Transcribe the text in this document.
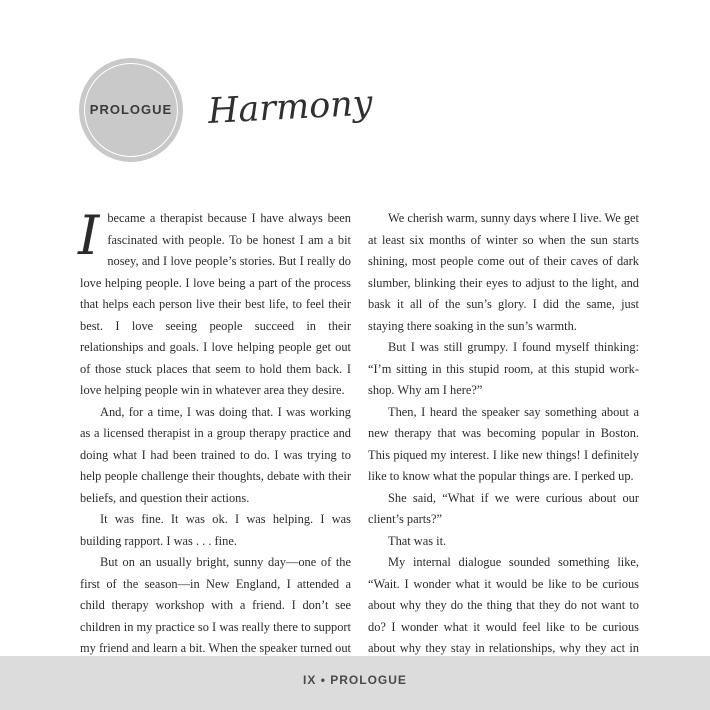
PROLOGUE Harmony

Ibecame a therapist because I have always been fascinated with people. To be honest I am a bit nosey, and I love people’s stories. But I really do love helping people. I love being a part of the process that helps each person live their best life, to feel their best. I love seeing people succeed in their relationships and goals. I love helping people get out of those stuck places that seem to hold them back. I love helping people win in whatever area they desire.

And, for a time, I was doing that. I was working as a licensed therapist in a group therapy practice and doing what I had been trained to do. I was trying to help people challenge their thoughts, debate with their beliefs, and question their actions.

It was fine. It was ok. I was helping. I was building rapport. I was . . . fine.

But on an usually bright, sunny day—one of the first of the season—in New England, I attended a child therapy workshop with a friend. I don’t see children in my practice so I was really there to support my friend and learn a bit. When the speaker turned out

We cherish warm, sunny days where I live. We get at least six months of winter so when the sun starts shining, most people come out of their caves of dark slumber, blinking their eyes to adjust to the light, and bask it all of the sun’s glory. I did the same, just staying there soaking in the sun’s warmth.

But I was still grumpy. I found myself thinking: “I’m sitting in this stupid room, at this stupid work-shop. Why am I here?”

Then, I heard the speaker say something about a new therapy that was becoming popular in Boston. This piqued my interest. I like new things! I definitely like to know what the popular things are. I perked up.

She said, “What if we were curious about our client’s parts?”

That was it.

My internal dialogue sounded something like, “Wait. I wonder what it would be like to be curious about why they do the thing that they do not want to do? I wonder what it would feel like to be curious about why they stay in relationships, why they act in

IX • PROLOGUE
